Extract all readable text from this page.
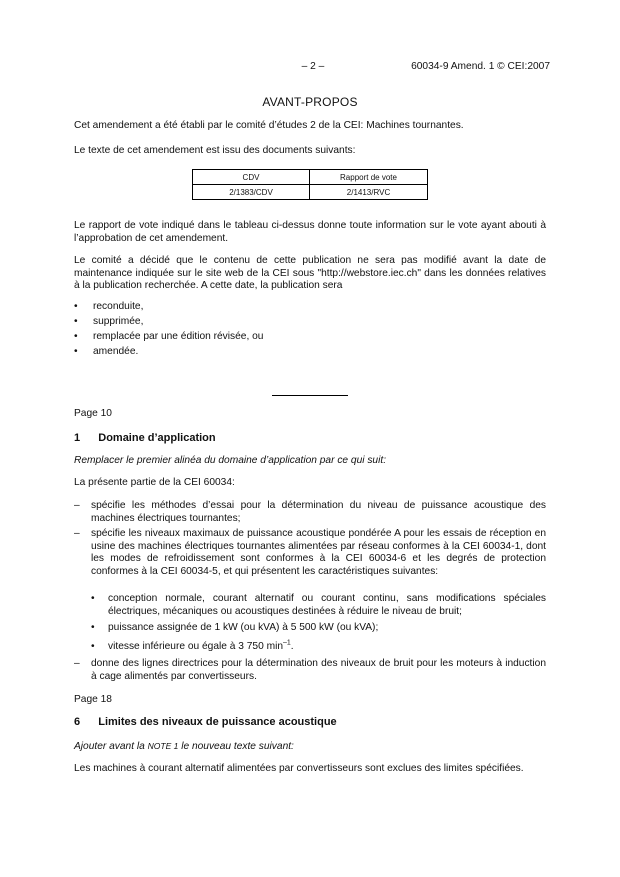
– 2 –	60034-9 Amend. 1 © CEI:2007
AVANT-PROPOS
Cet amendement a été établi par le comité d’études 2 de la CEI: Machines tournantes.
Le texte de cet amendement est issu des documents suivants:
CDV	Rapport de vote
2/1383/CDV	2/1413/RVC
Le rapport de vote indiqué dans le tableau ci-dessus donne toute information sur le vote ayant abouti à l’approbation de cet amendement.
Le comité a décidé que le contenu de cette publication ne sera pas modifié avant la date de maintenance indiquée sur le site web de la CEI sous "http://webstore.iec.ch" dans les données relatives à la publication recherchée. A cette date, la publication sera
• reconduite,
• supprimée,
• remplacée par une édition révisée, ou
• amendée.
Page 10
1 Domaine d’application
Remplacer le premier alinéa du domaine d’application par ce qui suit:
La présente partie de la CEI 60034:
– spécifie les méthodes d’essai pour la détermination du niveau de puissance acoustique des machines électriques tournantes;
– spécifie les niveaux maximaux de puissance acoustique pondérée A pour les essais de réception en usine des machines électriques tournantes alimentées par réseau conformes à la CEI 60034-1, dont les modes de refroidissement sont conformes à la CEI 60034-6 et les degrés de protection conformes à la CEI 60034-5, et qui présentent les caractéristiques suivantes:
• conception normale, courant alternatif ou courant continu, sans modifications spéciales électriques, mécaniques ou acoustiques destinées à réduire le niveau de bruit;
• puissance assignée de 1 kW (ou kVA) à 5 500 kW (ou kVA);
• vitesse inférieure ou égale à 3 750 $\min^{-1}$.
– donne des lignes directrices pour la détermination des niveaux de bruit pour les moteurs à induction à cage alimentés par convertisseurs.
Page 18
6 Limites des niveaux de puissance acoustique
Ajouter avant la NOTE 1 le nouveau texte suivant:
Les machines à courant alternatif alimentées par convertisseurs sont exclues des limites spécifiées.
